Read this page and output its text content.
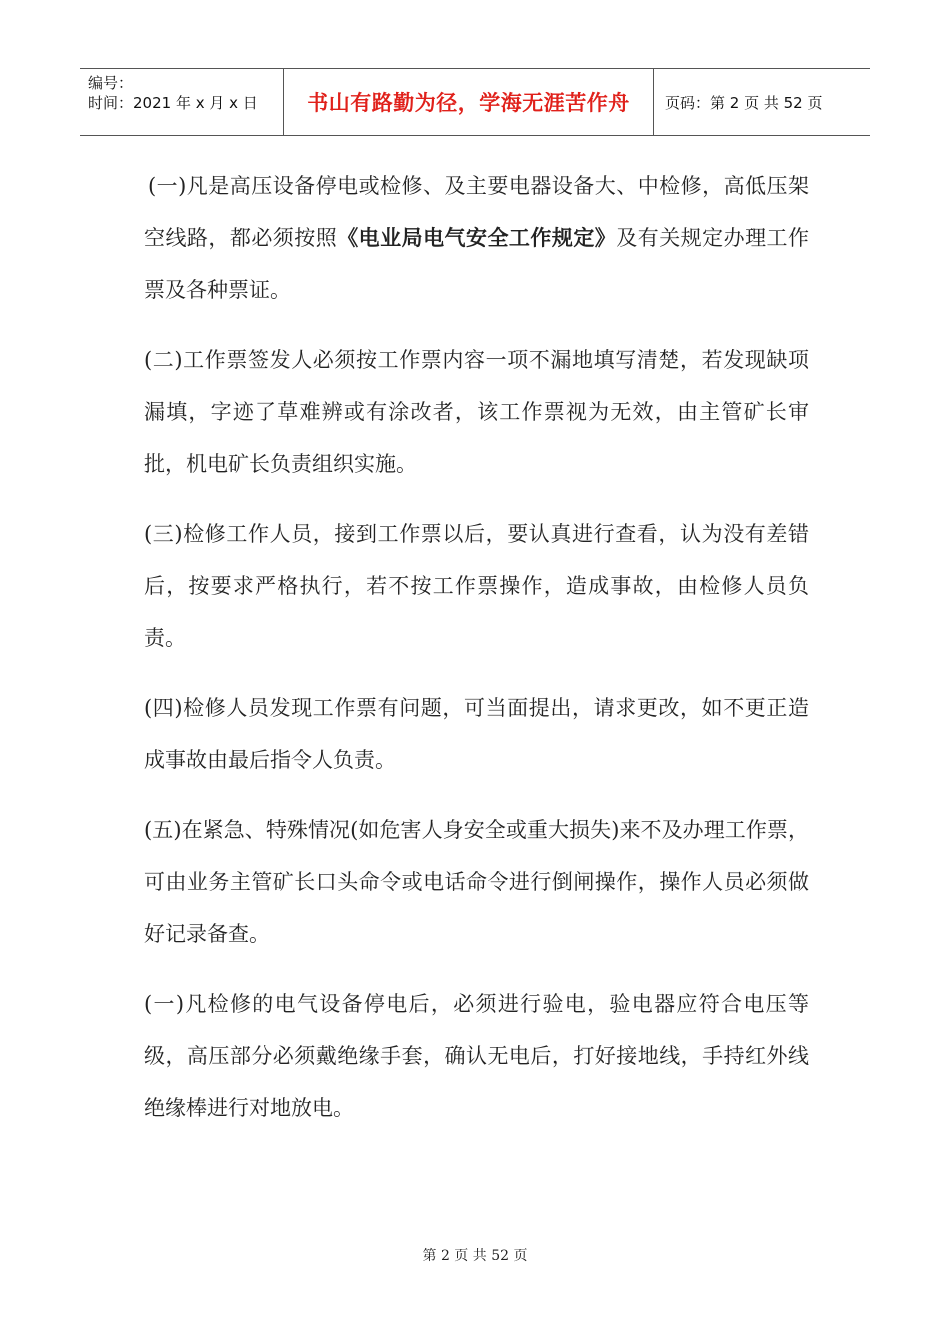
编号：
时间：2021 年 x 月 x 日	书山有路勤为径，学海无涯苦作舟	页码：第 2 页 共 52 页

(一)凡是高压设备停电或检修、及主要电器设备大、中检修，高低压架空线路，都必须按照《电业局电气安全工作规定》及有关规定办理工作票及各种票证。

(二)工作票签发人必须按工作票内容一项不漏地填写清楚，若发现缺项漏填，字迹了草难辨或有涂改者，该工作票视为无效，由主管矿长审批，机电矿长负责组织实施。

(三)检修工作人员，接到工作票以后，要认真进行查看，认为没有差错后，按要求严格执行，若不按工作票操作，造成事故，由检修人员负责。

(四)检修人员发现工作票有问题，可当面提出，请求更改，如不更正造成事故由最后指令人负责。

(五)在紧急、特殊情况(如危害人身安全或重大损失)来不及办理工作票，可由业务主管矿长口头命令或电话命令进行倒闸操作，操作人员必须做好记录备查。

(一)凡检修的电气设备停电后，必须进行验电，验电器应符合电压等级，高压部分必须戴绝缘手套，确认无电后，打好接地线，手持红外线绝缘棒进行对地放电。

第 2 页 共 52 页
